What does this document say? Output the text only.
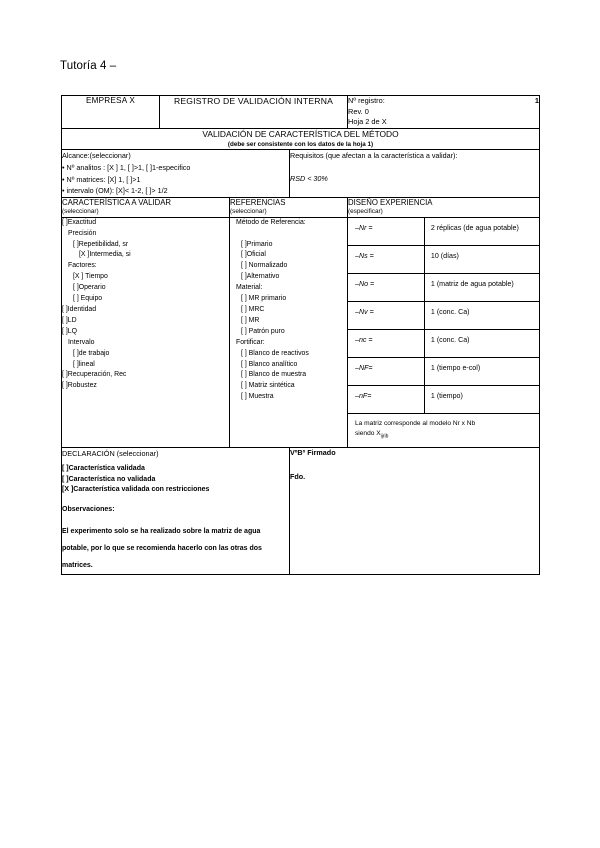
Tutoría 4 –
EMPRESA X	REGISTRO DE VALIDACIÓN INTERNA	Nº registro:	1
Rev. 0
Hoja 2 de X

VALIDACIÓN DE CARACTERÍSTICA DEL MÉTODO
(debe ser consistente con los datos de la hoja 1)

Alcance:(seleccionar)
• Nº analitos : [X ] 1, [ ]>1, [ ]1-especifico
• Nº matrices: [X] 1, [ ]>1
• intervalo (OM): [X]< 1-2, [ ]> 1/2

Requisitos (que afectan a la característica a validar):
RSD < 30%

CARACTERÍSTICA A VALIDAR
(seleccionar)
	REFERENCIAS
(seleccionar)
	DISEÑO EXPERIENCIA
(especificar)

[ ]Exactitud
Precisión
[ ]Repetibilidad, sr
[X ]Intermedia, si
Factores:
[X ] Tiempo
[ ]Operario
[ ] Equipo
[ ]Identidad
[ ]LD
[ ]LQ
Intervalo
[ ]de trabajo
[ ]lineal
[ ]Recuperación, Rec
[ ]Robustez

Método de Referencia:

[ ]Primario
[ ]Oficial
[ ] Normalizado
[ ]Alternativo
Material:
[ ] MR primario
[ ] MRC
[ ] MR
[ ] Patrón puro
Fortificar:
[ ] Blanco de reactivos
[ ] Blanco analítico
[ ] Blanco de muestra
[ ] Matriz sintética
[ ] Muestra

–Nr =	2 réplicas (de agua potable)
–Ns =	10 (días)
–No =	1 (matriz de agua potable)
–Nv =	1 (conc. Ca)
–nc =	1 (conc. Ca)
–NF=	1 (tiempo e-col)
–nF=	1 (tiempo)
La matriz corresponde al modelo Nr x Nb
siendo $X_{ijrib}$

DECLARACIÓN (seleccionar)
[ ]Característica validada
[ ]Característica no validada
[X ]Característica validada con restricciones
Observaciones:
El experimento solo se ha realizado sobre la matriz de agua
potable, por lo que se recomienda hacerlo con las otras dos
matrices.

VºBº Firmado
Fdo.
